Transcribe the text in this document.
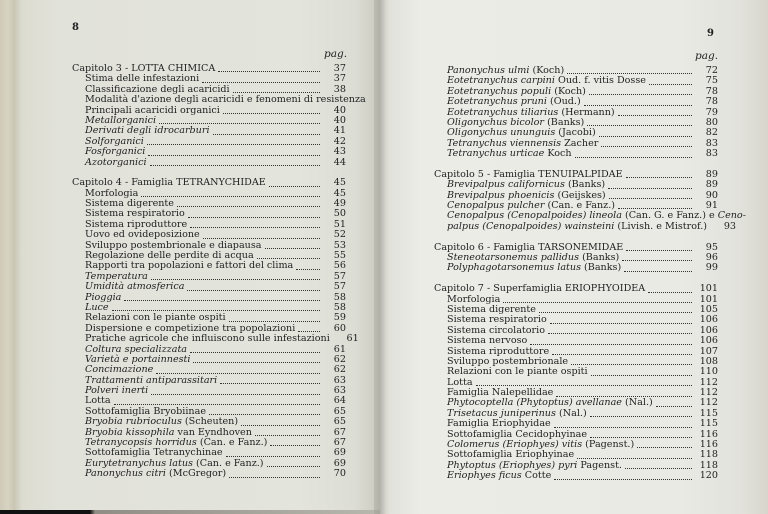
8
pag.
Capitolo 3 - LOTTA CHIMICA	37
Stima delle infestazioni	37
Classificazione degli acaricidi	38
Modalità d'azione degli acaricidi e fenomeni di resistenza
Principali acaricidi organici	40
Metallorganici	40
Derivati degli idrocarburi	41
Solforganici	42
Fosforganici	43
Azotorganici	44
Capitolo 4 - Famiglia TETRANYCHIDAE	45
Morfologia	45
Sistema digerente	49
Sistema respiratorio	50
Sistema riproduttore	51
Uovo ed ovideposizione	52
Sviluppo postembrionale e diapausa	53
Regolazione delle perdite di acqua	55
Rapporti tra popolazioni e fattori del clima	56
Temperatura	57
Umidità atmosferica	57
Pioggia	58
Luce	58
Relazioni con le piante ospiti	59
Dispersione e competizione tra popolazioni	60
Pratiche agricole che influiscono sulle infestazioni	61
Coltura specializzata	61
Varietà e portainnesti	62
Concimazione	62
Trattamenti antiparassitari	63
Polveri inerti	63
Lotta	64
Sottofamiglia Bryobiinae	65
Bryobia rubrioculus (Scheuten)	65
Bryobia kissophila van Eyndhoven	67
Tetranycopsis horridus (Can. e Fanz.)	67
Sottofamiglia Tetranychinae	69
Eurytetranychus latus (Can. e Fanz.)	69
Panonychus citri (McGregor)	70
9
pag.
Panonychus ulmi (Koch)	72
Eotetranychus carpini Oud. f. vitis Dosse	75
Eotetranychus populi (Koch)	78
Eotetranychus pruni (Oud.)	78
Eotetranychus tiliarius (Hermann)	79
Oligonychus bicolor (Banks)	80
Oligonychus ununguis (Jacobi)	82
Tetranychus viennensis Zacher	83
Tetranychus urticae Koch	83
Capitolo 5 - Famiglia TENUIPALPIDAE	89
Brevipalpus californicus (Banks)	89
Brevipalpus phoenicis (Geijskes)	90
Cenopalpus pulcher (Can. e Fanz.)	91
Cenopalpus (Cenopalpoides) lineola (Can. G. e Fanz.) e Ceno-
palpus (Cenopalpoides) wainsteini (Livish. e Mistrof.)	93
Capitolo 6 - Famiglia TARSONEMIDAE	95
Steneotarsonemus pallidus (Banks)	96
Polyphagotarsonemus latus (Banks)	99
Capitolo 7 - Superfamiglia ERIOPHYOIDEA	101
Morfologia	101
Sistema digerente	105
Sistema respiratorio	106
Sistema circolatorio	106
Sistema nervoso	106
Sistema riproduttore	107
Sviluppo postembrionale	108
Relazioni con le piante ospiti	110
Lotta	112
Famiglia Nalepellidae	112
Phytocoptella (Phytoptus) avellanae (Nal.)	112
Trisetacus juniperinus (Nal.)	115
Famiglia Eriophyidae	115
Sottofamiglia Cecidophyinae	116
Colomerus (Eriophyes) vitis (Pagenst.)	116
Sottofamiglia Eriophyinae	118
Phytoptus (Eriophyes) pyri Pagenst.	118
Eriophyes ficus Cotte	120
